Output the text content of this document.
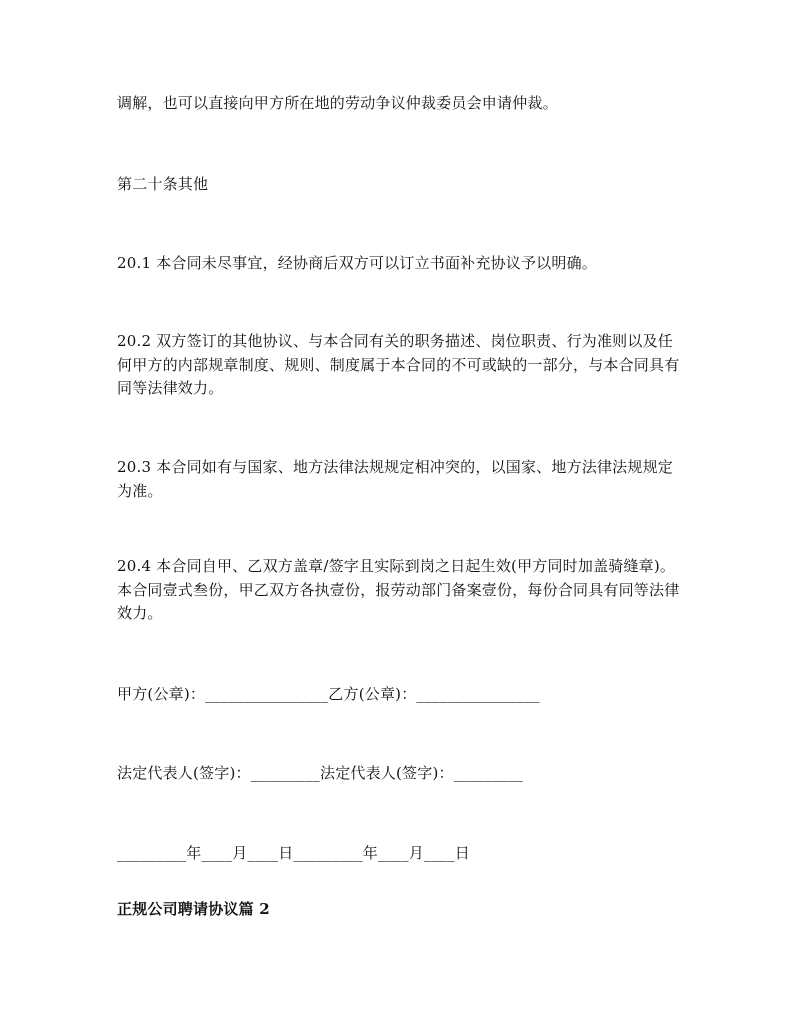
调解，也可以直接向甲方所在地的劳动争议仲裁委员会申请仲裁。

第二十条其他

20.1 本合同未尽事宜，经协商后双方可以订立书面补充协议予以明确。

20.2 双方签订的其他协议、与本合同有关的职务描述、岗位职责、行为准则以及任何甲方的内部规章制度、规则、制度属于本合同的不可或缺的一部分，与本合同具有同等法律效力。

20.3 本合同如有与国家、地方法律法规规定相冲突的，以国家、地方法律法规规定为准。

20.4 本合同自甲、乙双方盖章/签字且实际到岗之日起生效(甲方同时加盖骑缝章)。本合同壹式叁份，甲乙双方各执壹份，报劳动部门备案壹份，每份合同具有同等法律效力。

甲方(公章)：________________乙方(公章)：________________

法定代表人(签字)：_________法定代表人(签字)：_________

_________年____月____日_________年____月____日

正规公司聘请协议篇 2
